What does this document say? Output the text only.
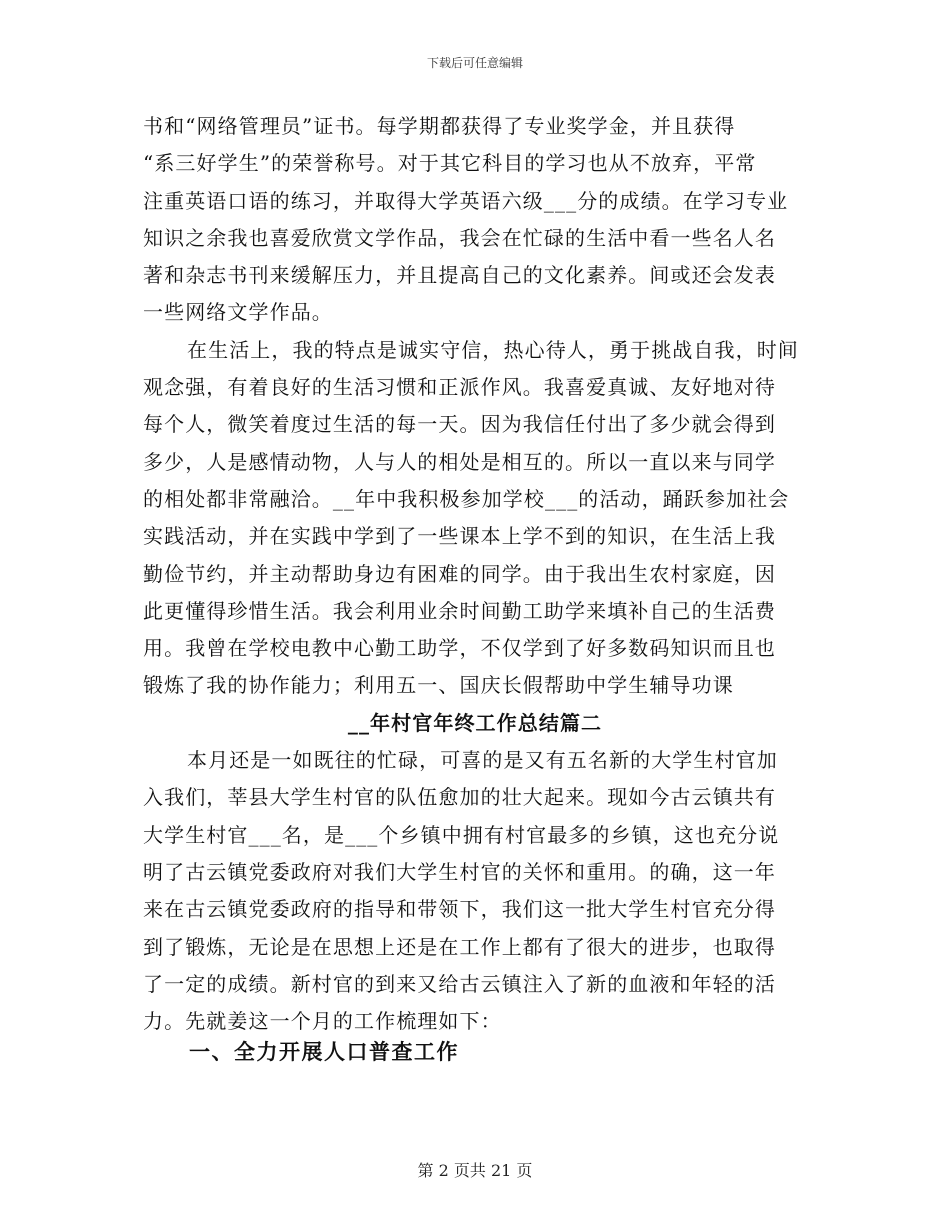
下载后可任意编辑
书和“网络管理员”证书。每学期都获得了专业奖学金，并且获得
“系三好学生”的荣誉称号。对于其它科目的学习也从不放弃，平常
注重英语口语的练习，并取得大学英语六级___分的成绩。在学习专业
知识之余我也喜爱欣赏文学作品，我会在忙碌的生活中看一些名人名
著和杂志书刊来缓解压力，并且提高自己的文化素养。间或还会发表
一些网络文学作品。
在生活上，我的特点是诚实守信，热心待人，勇于挑战自我，时间
观念强，有着良好的生活习惯和正派作风。我喜爱真诚、友好地对待
每个人，微笑着度过生活的每一天。因为我信任付出了多少就会得到
多少，人是感情动物，人与人的相处是相互的。所以一直以来与同学
的相处都非常融洽。__年中我积极参加学校___的活动，踊跃参加社会
实践活动，并在实践中学到了一些课本上学不到的知识，在生活上我
勤俭节约，并主动帮助身边有困难的同学。由于我出生农村家庭，因
此更懂得珍惜生活。我会利用业余时间勤工助学来填补自己的生活费
用。我曾在学校电教中心勤工助学，不仅学到了好多数码知识而且也
锻炼了我的协作能力；利用五一、国庆长假帮助中学生辅导功课
__年村官年终工作总结篇二
本月还是一如既往的忙碌，可喜的是又有五名新的大学生村官加
入我们，莘县大学生村官的队伍愈加的壮大起来。现如今古云镇共有
大学生村官___名，是___个乡镇中拥有村官最多的乡镇，这也充分说
明了古云镇党委政府对我们大学生村官的关怀和重用。的确，这一年
来在古云镇党委政府的指导和带领下，我们这一批大学生村官充分得
到了锻炼，无论是在思想上还是在工作上都有了很大的进步，也取得
了一定的成绩。新村官的到来又给古云镇注入了新的血液和年轻的活
力。先就姜这一个月的工作梳理如下：
一、全力开展人口普查工作
第 2 页共 21 页
